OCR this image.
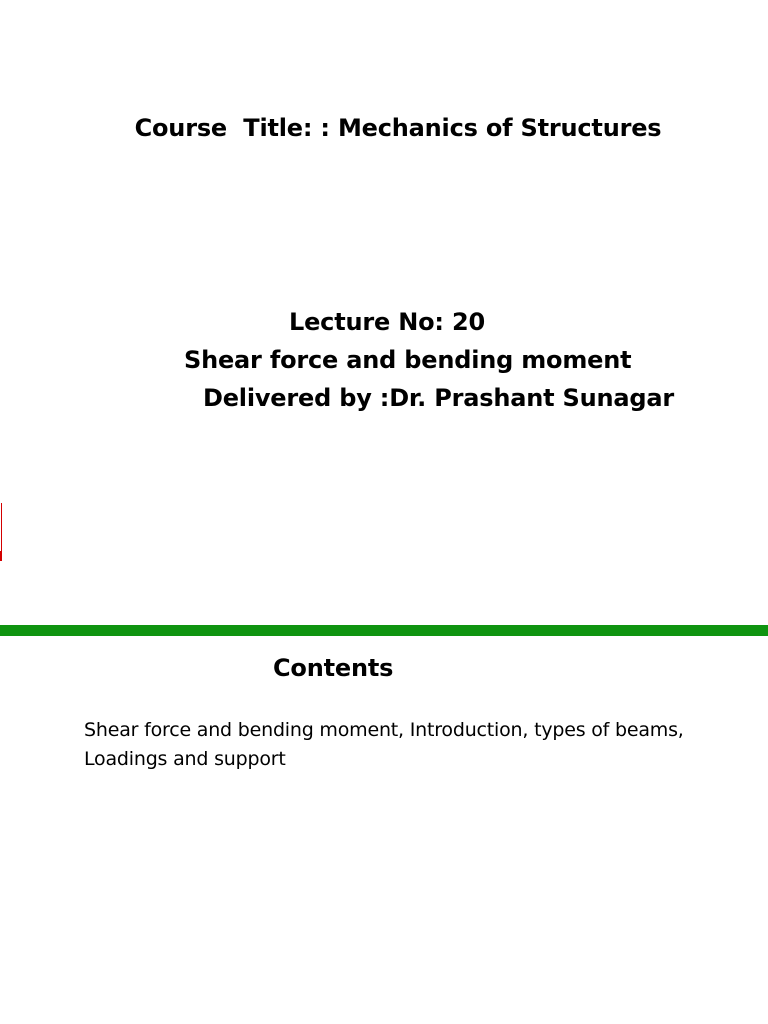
Course  Title: : Mechanics of Structures
Lecture No: 20
Shear force and bending moment
Delivered by :Dr. Prashant Sunagar
Contents
Shear force and bending moment, Introduction, types of beams,
Loadings and support
